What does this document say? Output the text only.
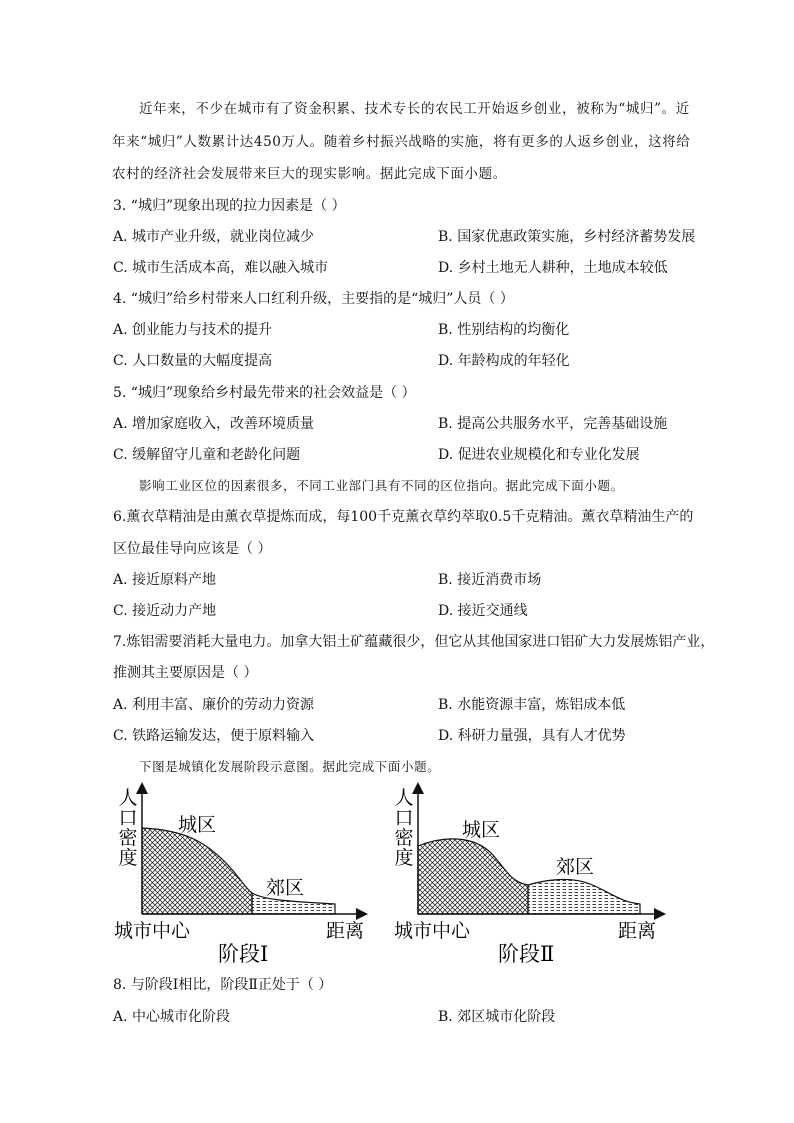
近年来，不少在城市有了资金积累、技术专长的农民工开始返乡创业，被称为“城归”。近
年来“城归”人数累计达450万人。随着乡村振兴战略的实施，将有更多的人返乡创业，这将给
农村的经济社会发展带来巨大的现实影响。据此完成下面小题。
3. “城归”现象出现的拉力因素是（ ）
A. 城市产业升级，就业岗位减少	B. 国家优惠政策实施，乡村经济蓄势发展
C. 城市生活成本高，难以融入城市	D. 乡村土地无人耕种，土地成本较低
4. “城归”给乡村带来人口红利升级，主要指的是“城归”人员（ ）
A. 创业能力与技术的提升	B. 性别结构的均衡化
C. 人口数量的大幅度提高	D. 年龄构成的年轻化
5. “城归”现象给乡村最先带来的社会效益是（ ）
A. 增加家庭收入，改善环境质量	B. 提高公共服务水平，完善基础设施
C. 缓解留守儿童和老龄化问题	D. 促进农业规模化和专业化发展
影响工业区位的因素很多，不同工业部门具有不同的区位指向。据此完成下面小题。
6.薰衣草精油是由薰衣草提炼而成，每100千克薰衣草约萃取0.5千克精油。薰衣草精油生产的
区位最佳导向应该是（ ）
A. 接近原料产地	B. 接近消费市场
C. 接近动力产地	D. 接近交通线
7.炼铝需要消耗大量电力。加拿大铝土矿蕴藏很少，但它从其他国家进口铝矿大力发展炼铝产业，
推测其主要原因是（ ）
A. 利用丰富、廉价的劳动力资源	B. 水能资源丰富，炼铝成本低
C. 铁路运输发达，便于原料输入	D. 科研力量强，具有人才优势
下图是城镇化发展阶段示意图。据此完成下面小题。
人口密度
城区
郊区
城市中心	距离
阶段Ⅰ
人口密度
城区
郊区
城市中心	距离
阶段Ⅱ
8. 与阶段Ⅰ相比，阶段Ⅱ正处于（ ）
A. 中心城市化阶段	B. 郊区城市化阶段
